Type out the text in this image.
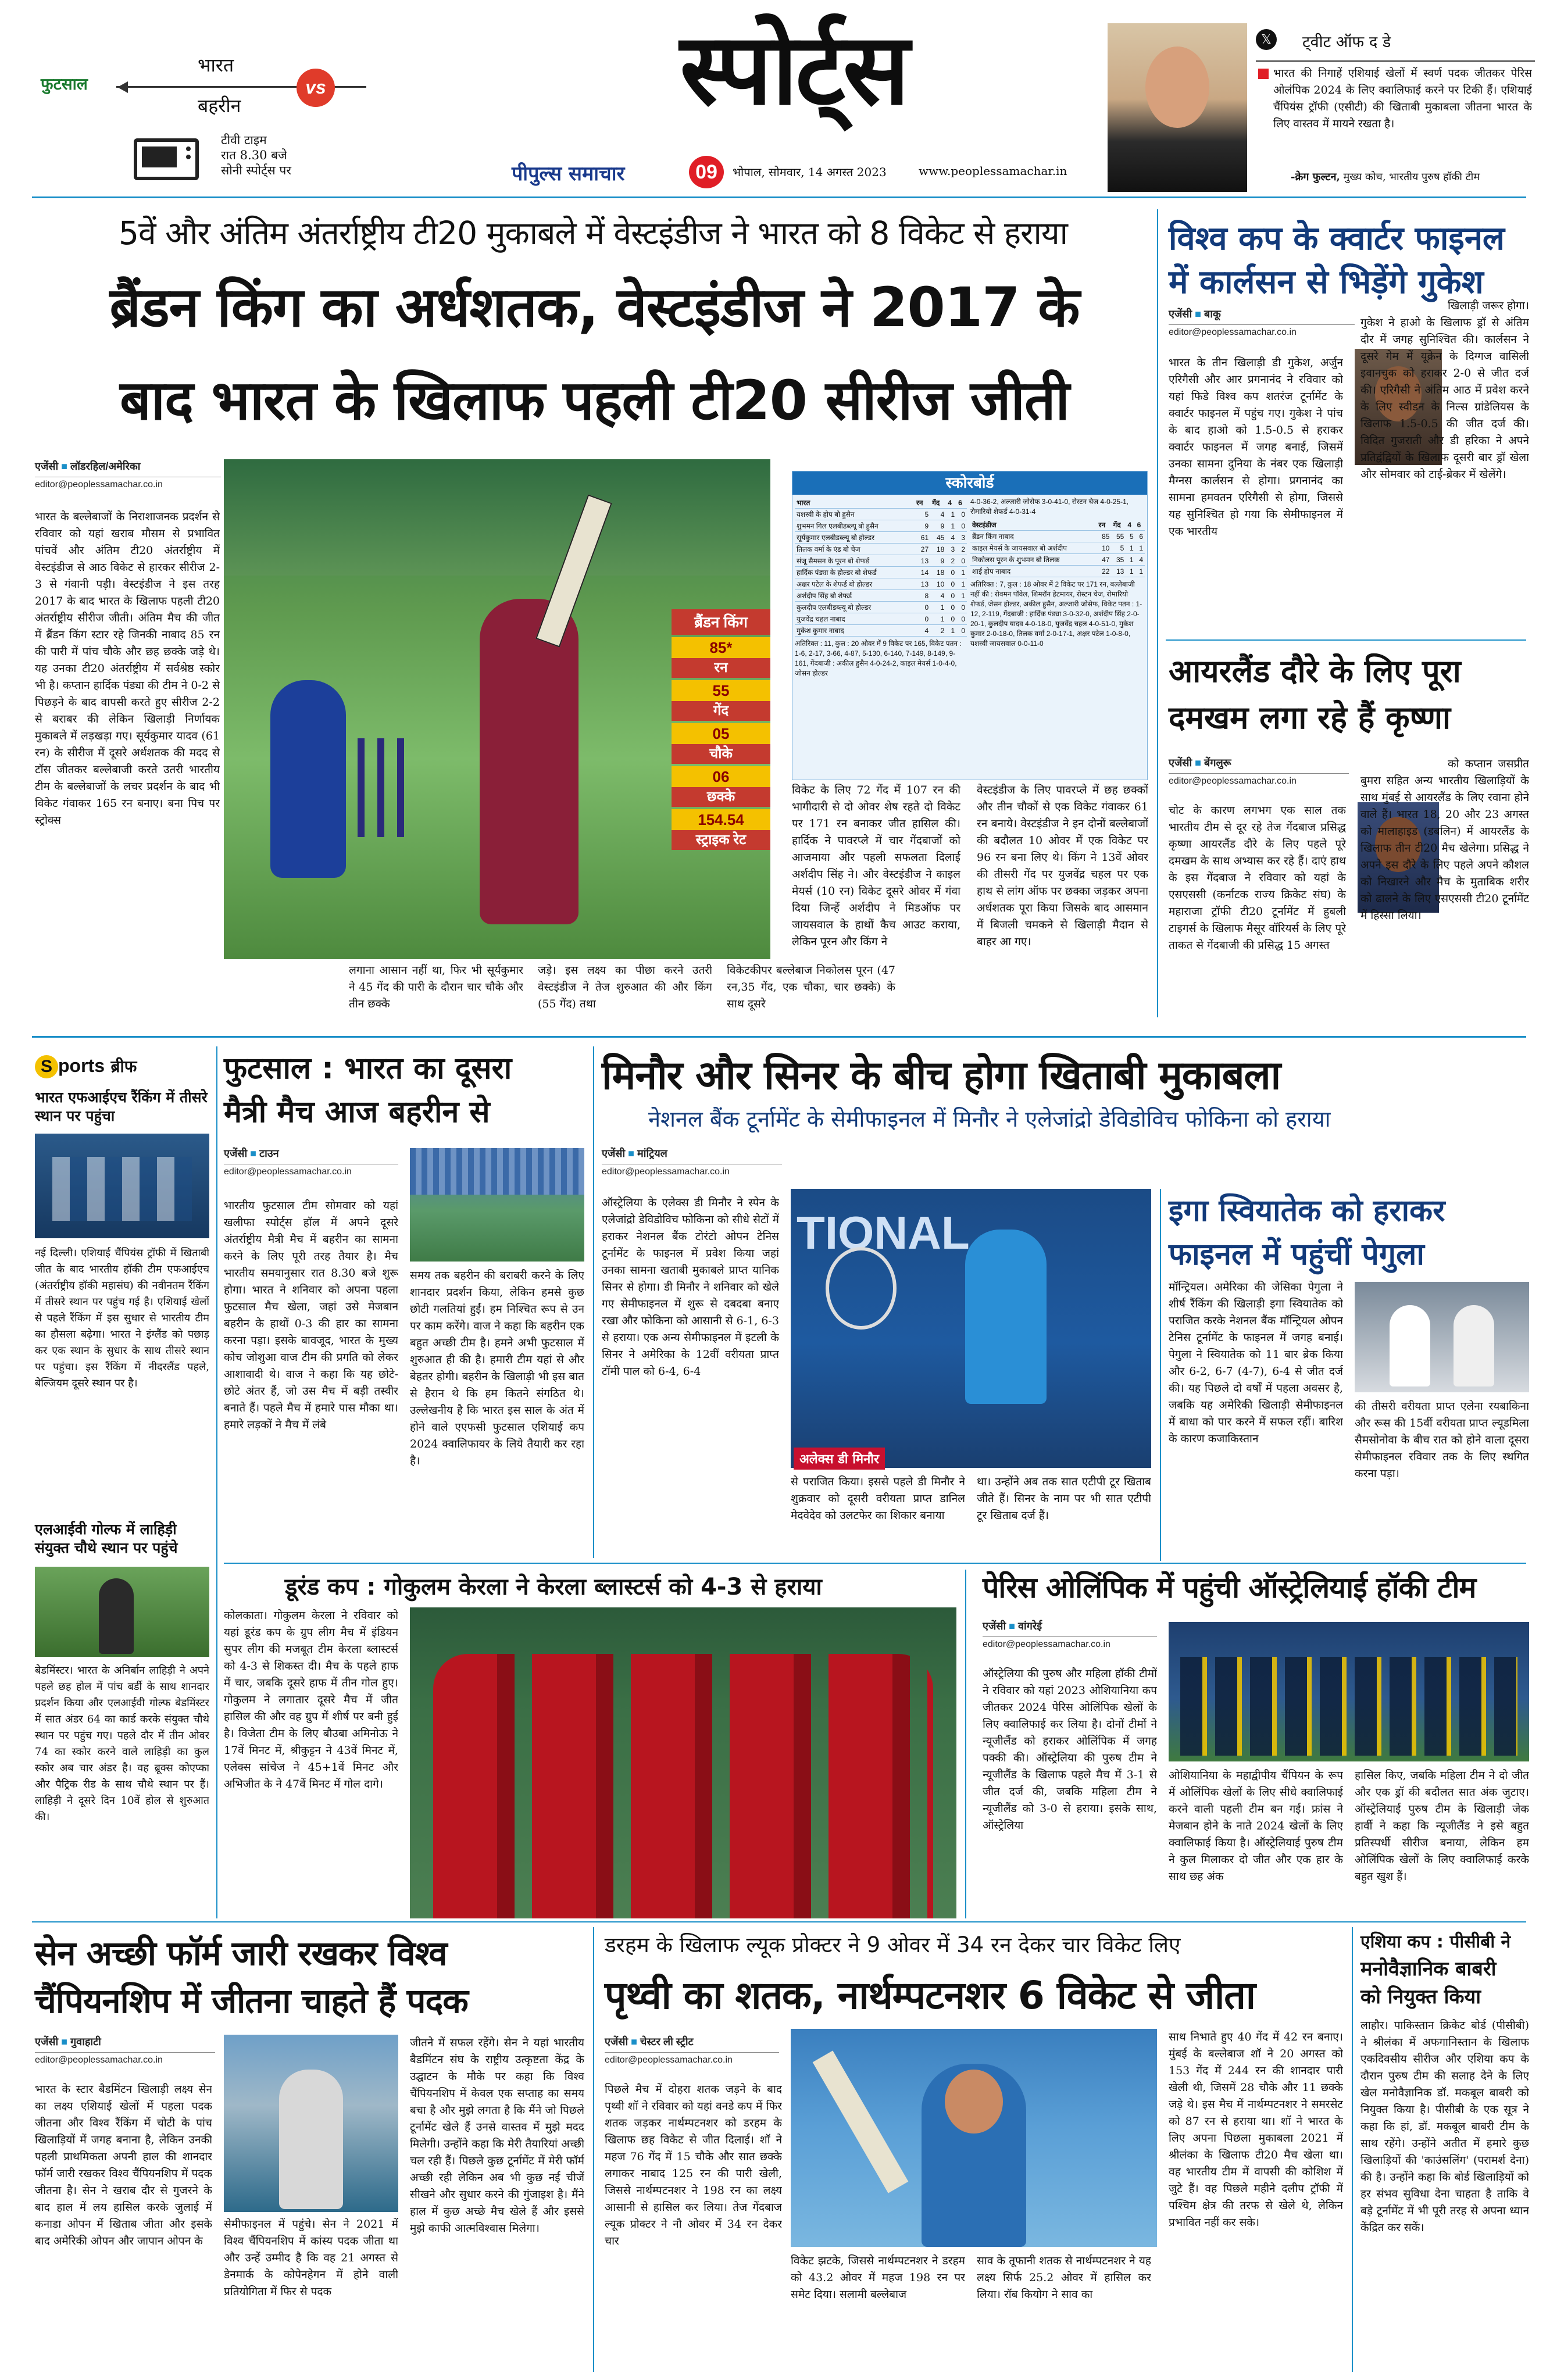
फुटसाल
भारत
बहरीन
vs
टीवी टाइम
रात 8.30 बजे
सोनी स्पोर्ट्स पर
स्पोर्ट्स
पीपुल्स समाचार	09	भोपाल, सोमवार, 14 अगस्त 2023	www.peoplessamachar.in
𝕏	ट्वीट ऑफ द डे
भारत की निगाहें एशियाई खेलों में स्वर्ण पदक जीतकर पेरिस ओलंपिक 2024 के लिए क्वालिफाई करने पर टिकी हैं। एशियाई चैंपियंस ट्रॉफी (एसीटी) की खिताबी मुकाबला जीतना भारत के लिए वास्तव में मायने रखता है।
-क्रेग फुल्टन, मुख्य कोच, भारतीय पुरुष हॉकी टीम
5वें और अंतिम अंतर्राष्ट्रीय टी20 मुकाबले में वेस्टइंडीज ने भारत को 8 विकेट से हराया
ब्रैंडन किंग का अर्धशतक, वेस्टइंडीज ने 2017 के
बाद भारत के खिलाफ पहली टी20 सीरीज जीती
एजेंसी ■ लॉडरहिल/अमेरिका
editor@peoplessamachar.co.in
भारत के बल्लेबाजों के निराशाजनक प्रदर्शन से रविवार को यहां खराब मौसम से प्रभावित पांचवें और अंतिम टी20 अंतर्राष्ट्रीय में वेस्टइंडीज से आठ विकेट से हारकर सीरीज 2-3 से गंवानी पड़ी। वेस्टइंडीज ने इस तरह 2017 के बाद भारत के खिलाफ पहली टी20 अंतर्राष्ट्रीय सीरीज जीती। अंतिम मैच की जीत में ब्रैंडन किंग स्टार रहे जिनकी नाबाद 85 रन की पारी में पांच चौके और छह छक्के जड़े थे। यह उनका टी20 अंतर्राष्ट्रीय में सर्वश्रेष्ठ स्कोर भी है। कप्तान हार्दिक पंड्या की टीम ने 0-2 से पिछड़ने के बाद वापसी करते हुए सीरीज 2-2 से बराबर की लेकिन खिलाड़ी निर्णायक मुकाबले में लड़खड़ा गए। सूर्यकुमार यादव (61 रन) के सीरीज में दूसरे अर्धशतक की मदद से टॉस जीतकर बल्लेबाजी करते उतरी भारतीय टीम के बल्लेबाजों के लचर प्रदर्शन के बाद भी विकेट गंवाकर 165 रन बनाए। बना पिच पर स्ट्रोक्स
ब्रैंडन किंग
85*
रन
55
गेंद
05
चौके
06
छक्के
154.54
स्ट्राइक रेट
लगाना आसान नहीं था, फिर भी सूर्यकुमार ने 45 गेंद की पारी के दौरान चार चौके और तीन छक्के
जड़े। इस लक्ष्य का पीछा करने उतरी वेस्टइंडीज ने तेज शुरुआत की और किंग (55 गेंद) तथा
विकेटकीपर बल्लेबाज निकोलस पूरन (47 रन,35 गेंद, एक चौका, चार छक्के) के साथ दूसरे
स्कोरबोर्ड
भारत	रन	गेंद	4	6
यशस्वी के होप बो हुसैन	5	4	1	0
शुभमन गिल एलबीडब्ल्यू बो हुसैन	9	9	1	0
सूर्यकुमार एलबीडब्ल्यू बो होल्डर	61	45	4	3
तिलक वर्मा के एंड बो चेज	27	18	3	2
संजू सैमसन के पूरन बो शेफर्ड	13	9	2	0
हार्दिक पंड्या के होल्डर बो शेफर्ड	14	18	0	1
अक्षर पटेल के शेफर्ड बो होल्डर	13	10	0	1
अर्शदीप सिंह बो शेफर्ड	8	4	0	1
कुलदीप एलबीडब्ल्यू बो होल्डर	0	1	0	0
युजवेंद्र चहल नाबाद	0	1	0	0
मुकेश कुमार नाबाद	4	2	1	0
अतिरिक्त : 11, कुल : 20 ओवर में 9 विकेट पर 165, विकेट पतन : 1-6, 2-17, 3-66, 4-87, 5-130, 6-140, 7-149, 8-149, 9-161, गेंदबाजी : अकील हुसैन 4-0-24-2, काइल मेयर्स 1-0-4-0, जोसन होल्डर
4-0-36-2, अल्जारी जोसेफ 3-0-41-0, रोस्टन चेज 4-0-25-1, रोमारियो शेफर्ड 4-0-31-4
वेस्टइंडीज	रन	गेंद	4	6
ब्रैंडन किंग नाबाद	85	55	5	6
काइल मेयर्स के जायसवाल बो अर्शदीप	10	5	1	1
निकोलस पूरन के शुभमन बो तिलक	47	35	1	4
शाई होप नाबाद	22	13	1	1
अतिरिक्त : 7, कुल : 18 ओवर में 2 विकेट पर 171 रन, बल्लेबाजी नहीं की : रोवमन पॉवेल, शिमरॉन हेटमायर, रोस्टन चेज, रोमारियो शेफर्ड, जेसन होल्डर, अकील हुसैन, अल्जारी जोसेफ, विकेट पतन : 1-12, 2-119, गेंदबाजी : हार्दिक पंड्या 3-0-32-0, अर्शदीप सिंह 2-0-20-1, कुलदीप यादव 4-0-18-0, युजवेंद्र चहल 4-0-51-0, मुकेश कुमार 2-0-18-0, तिलक वर्मा 2-0-17-1, अक्षर पटेल 1-0-8-0, यशस्वी जायसवाल 0-0-11-0
विकेट के लिए 72 गेंद में 107 रन की भागीदारी से दो ओवर शेष रहते दो विकेट पर 171 रन बनाकर जीत हासिल की। हार्दिक ने पावरप्ले में चार गेंदबाजों को आजमाया और पहली सफलता दिलाई अर्शदीप सिंह ने। और वेस्टइंडीज ने काइल मेयर्स (10 रन) विकेट दूसरे ओवर में गंवा दिया जिन्हें अर्शदीप ने मिडऑफ पर जायसवाल के हाथों कैच आउट कराया, लेकिन पूरन और किंग ने
वेस्टइंडीज के लिए पावरप्ले में छह छक्कों और तीन चौकों से एक विकेट गंवाकर 61 रन बनाये। वेस्टइंडीज ने इन दोनों बल्लेबाजों की बदौलत 10 ओवर में एक विकेट पर 96 रन बना लिए थे। किंग ने 13वें ओवर की तीसरी गेंद पर युजवेंद्र चहल पर एक हाथ से लांग ऑफ पर छक्का जड़कर अपना अर्धशतक पूरा किया जिसके बाद आसमान में बिजली चमकने से खिलाड़ी मैदान से बाहर आ गए।
विश्व कप के क्वार्टर फाइनल
में कार्लसन से भिड़ेंगे गुकेश
एजेंसी ■ बाकू
editor@peoplessamachar.co.in
भारत के तीन खिलाड़ी डी गुकेश, अर्जुन एरिगैसी और आर प्रगनानंद ने रविवार को यहां फिडे विश्व कप शतरंज टूर्नामेंट के क्वार्टर फाइनल में पहुंच गए। गुकेश ने पांच के बाद हाओ को 1.5-0.5 से हराकर क्वार्टर फाइनल में जगह बनाई, जिसमें उनका सामना दुनिया के नंबर एक खिलाड़ी मैग्नस कार्लसन से होगा। प्रगनानंद का सामना हमवतन एरिगैसी से होगा, जिससे यह सुनिश्चित हो गया कि सेमीफाइनल में एक भारतीय
खिलाड़ी जरूर होगा। गुकेश ने हाओ के खिलाफ ड्रॉ से अंतिम दौर में जगह सुनिश्चित की। कार्लसन ने दूसरे गेम में यूक्रेन के दिग्गज वासिली इवानचुक को हराकर 2-0 से जीत दर्ज की। एरिगैसी ने अंतिम आठ में प्रवेश करने के लिए स्वीडन के निल्स ग्रांडेलियस के खिलाफ 1.5-0.5 की जीत दर्ज की। विदित गुजराती और डी हरिका ने अपने प्रतिद्वंद्वियों के खिलाफ दूसरी बार ड्रॉ खेला और सोमवार को टाई-ब्रेकर में खेलेंगे।
आयरलैंड दौरे के लिए पूरा
दमखम लगा रहे हैं कृष्णा
एजेंसी ■ बेंगलुरू
editor@peoplessamachar.co.in
चोट के कारण लगभग एक साल तक भारतीय टीम से दूर रहे तेज गेंदबाज प्रसिद्ध कृष्णा आयरलैंड दौरे के लिए पहले पूरे दमखम के साथ अभ्यास कर रहे हैं। दाएं हाथ के इस गेंदबाज ने रविवार को यहां के एसएससी (कर्नाटक राज्य क्रिकेट संघ) के महाराजा ट्रॉफी टी20 टूर्नामेंट में हुबली टाइगर्स के खिलाफ मैसूर वॉरियर्स के लिए पूरे ताकत से गेंदबाजी की प्रसिद्ध 15 अगस्त
को कप्तान जसप्रीत बुमरा सहित अन्य भारतीय खिलाड़ियों के साथ मुंबई से आयरलैंड के लिए रवाना होने वाले हैं। भारत 18, 20 और 23 अगस्त को मालाहाइड (डबलिन) में आयरलैंड के खिलाफ तीन टी20 मैच खेलेगा। प्रसिद्ध ने अपने इस दौरे के लिए पहले अपने कौशल को निखारने और मैच के मुताबिक शरीर को ढालने के लिए एसएससी टी20 टूर्नामेंट में हिस्सा लिया।
S ports ब्रीफ
भारत एफआईएच रैंकिंग में तीसरे स्थान पर पहुंचा
नई दिल्ली। एशियाई चैंपियंस ट्रॉफी में खिताबी जीत के बाद भारतीय हॉकी टीम एफआईएच (अंतर्राष्ट्रीय हॉकी महासंघ) की नवीनतम रैंकिंग में तीसरे स्थान पर पहुंच गई है। एशियाई खेलों से पहले रैंकिंग में इस सुधार से भारतीय टीम का हौसला बढ़ेगा। भारत ने इंग्लैंड को पछाड़ कर एक स्थान के सुधार के साथ तीसरे स्थान पर पहुंचा। इस रैंकिंग में नीदरलैंड पहले, बेल्जियम दूसरे स्थान पर है।
एलआईवी गोल्फ में लाहिड़ी संयुक्त चौथे स्थान पर पहुंचे
बेडमिंस्टर। भारत के अनिर्बान लाहिड़ी ने अपने पहले छह होल में पांच बर्डी के साथ शानदार प्रदर्शन किया और एलआईवी गोल्फ बेडमिंस्टर में सात अंडर 64 का कार्ड करके संयुक्त चौथे स्थान पर पहुंच गए। पहले दौर में तीन ओवर 74 का स्कोर करने वाले लाहिड़ी का कुल स्कोर अब चार अंडर है। वह ब्रूक्स कोएप्का और पैट्रिक रीड के साथ चौथे स्थान पर हैं। लाहिड़ी ने दूसरे दिन 10वें होल से शुरुआत की।
फुटसाल : भारत का दूसरा
मैत्री मैच आज बहरीन से
एजेंसी ■ टाउन
editor@peoplessamachar.co.in
भारतीय फुटसाल टीम सोमवार को यहां खलीफा स्पोर्ट्स हॉल में अपने दूसरे अंतर्राष्ट्रीय मैत्री मैच में बहरीन का सामना करने के लिए पूरी तरह तैयार है। मैच भारतीय समयानुसार रात 8.30 बजे शुरू होगा। भारत ने शनिवार को अपना पहला फुटसाल मैच खेला, जहां उसे मेजबान बहरीन के हाथों 0-3 की हार का सामना करना पड़ा। इसके बावजूद, भारत के मुख्य कोच जोशुआ वाज टीम की प्रगति को लेकर आशावादी थे। वाज ने कहा कि यह छोटे-छोटे अंतर हैं, जो उस मैच में बड़ी तस्वीर बनाते हैं। पहले मैच में हमारे पास मौका था। हमारे लड़कों ने मैच में लंबे
समय तक बहरीन की बराबरी करने के लिए शानदार प्रदर्शन किया, लेकिन हमसे कुछ छोटी गलतियां हुईं। हम निश्चित रूप से उन पर काम करेंगे। वाज ने कहा कि बहरीन एक बहुत अच्छी टीम है। हमने अभी फुटसाल में शुरुआत ही की है। हमारी टीम यहां से और बेहतर होगी। बहरीन के खिलाड़ी भी इस बात से हैरान थे कि हम कितने संगठित थे। उल्लेखनीय है कि भारत इस साल के अंत में होने वाले एएफसी फुटसाल एशियाई कप 2024 क्वालिफायर के लिये तैयारी कर रहा है।
मिनौर और सिनर के बीच होगा खिताबी मुकाबला
नेशनल बैंक टूर्नामेंट के सेमीफाइनल में मिनौर ने एलेजांद्रो डेविडोविच फोकिना को हराया
एजेंसी ■ मांट्रियल
editor@peoplessamachar.co.in
ऑस्ट्रेलिया के एलेक्स डी मिनौर ने स्पेन के एलेजांद्रो डेविडोविच फोकिना को सीधे सेटों में हराकर नेशनल बैंक टोरंटो ओपन टेनिस टूर्नामेंट के फाइनल में प्रवेश किया जहां उनका सामना खताबी मुकाबले प्राप्त यानिक सिनर से होगा। डी मिनौर ने शनिवार को खेले गए सेमीफाइनल में शुरू से दबदबा बनाए रखा और फोकिना को आसानी से 6-1, 6-3 से हराया। एक अन्य सेमीफाइनल में इटली के सिनर ने अमेरिका के 12वीं वरीयता प्राप्त टॉमी पाल को 6-4, 6-4
TIONAL
अलेक्स डी मिनौर
से पराजित किया। इससे पहले डी मिनौर ने शुक्रवार को दूसरी वरीयता प्राप्त डानिल मेदवेदेव को उलटफेर का शिकार बनाया
था। उन्होंने अब तक सात एटीपी टूर खिताब जीते हैं। सिनर के नाम पर भी सात एटीपी टूर खिताब दर्ज हैं।
इगा स्वियातेक को हराकर
फाइनल में पहुंचीं पेगुला
मॉन्ट्रियल। अमेरिका की जेसिका पेगुला ने शीर्ष रैंकिंग की खिलाड़ी इगा स्वियातेक को पराजित करके नेशनल बैंक मॉन्ट्रियल ओपन टेनिस टूर्नामेंट के फाइनल में जगह बनाई। पेगुला ने स्वियातेक को 11 बार ब्रेक किया और 6-2, 6-7 (4-7), 6-4 से जीत दर्ज की। यह पिछले दो वर्षों में पहला अवसर है, जबकि यह अमेरिकी खिलाड़ी सेमीफाइनल में बाधा को पार करने में सफल रहीं। बारिश के कारण कजाकिस्तान
की तीसरी वरीयता प्राप्त एलेना रयबाकिना और रूस की 15वीं वरीयता प्राप्त ल्यूडमिला सैमसोनोवा के बीच रात को होने वाला दूसरा सेमीफाइनल रविवार तक के लिए स्थगित करना पड़ा।
डूरंड कप : गोकुलम केरला ने केरला ब्लास्टर्स को 4-3 से हराया
कोलकाता। गोकुलम केरला ने रविवार को यहां डूरंड कप के ग्रुप लीग मैच में इंडियन सुपर लीग की मजबूत टीम केरला ब्लास्टर्स को 4-3 से शिकस्त दी। मैच के पहले हाफ में चार, जबकि दूसरे हाफ में तीन गोल हुए। गोकुलम ने लगातार दूसरे मैच में जीत हासिल की और वह ग्रुप में शीर्ष पर बनी हुई है। विजेता टीम के लिए बौउबा अमिनोऊ ने 17वें मिनट में, श्रीकुट्टन ने 43वें मिनट में, एलेक्स सांचेज ने 45+1वें मिनट और अभिजीत के ने 47वें मिनट में गोल दागे।
पेरिस ओलिंपिक में पहुंची ऑस्ट्रेलियाई हॉकी टीम
एजेंसी ■ वांगरेई
editor@peoplessamachar.co.in
ऑस्ट्रेलिया की पुरुष और महिला हॉकी टीमों ने रविवार को यहां 2023 ओशियानिया कप जीतकर 2024 पेरिस ओलिंपिक खेलों के लिए क्वालिफाई कर लिया है। दोनों टीमों ने न्यूजीलैंड को हराकर ओलिंपिक में जगह पक्की की। ऑस्ट्रेलिया की पुरुष टीम ने न्यूजीलैंड के खिलाफ पहले मैच में 3-1 से जीत दर्ज की, जबकि महिला टीम ने न्यूजीलैंड को 3-0 से हराया। इसके साथ, ऑस्ट्रेलिया
ओशियानिया के महाद्वीपीय चैंपियन के रूप में ओलिंपिक खेलों के लिए सीधे क्वालिफाई करने वाली पहली टीम बन गई। फ्रांस ने मेजबान होने के नाते 2024 खेलों के लिए क्वालिफाई किया है। ऑस्ट्रेलियाई पुरुष टीम ने कुल मिलाकर दो जीत और एक हार के साथ छह अंक
हासिल किए, जबकि महिला टीम ने दो जीत और एक ड्रॉ की बदौलत सात अंक जुटाए। ऑस्ट्रेलियाई पुरुष टीम के खिलाड़ी जेक हार्वी ने कहा कि न्यूजीलैंड ने इसे बहुत प्रतिस्पर्धी सीरीज बनाया, लेकिन हम ओलिंपिक खेलों के लिए क्वालिफाई करके बहुत खुश हैं।
सेन अच्छी फॉर्म जारी रखकर विश्व
चैंपियनशिप में जीतना चाहते हैं पदक
एजेंसी ■ गुवाहाटी
editor@peoplessamachar.co.in
भारत के स्टार बैडमिंटन खिलाड़ी लक्ष्य सेन का लक्ष्य एशियाई खेलों में पहला पदक जीतना और विश्व रैंकिंग में चोटी के पांच खिलाड़ियों में जगह बनाना है, लेकिन उनकी पहली प्राथमिकता अपनी हाल की शानदार फॉर्म जारी रखकर विश्व चैंपियनशिप में पदक जीतना है। सेन ने खराब दौर से गुजरने के बाद हाल में लय हासिल करके जुलाई में कनाडा ओपन में खिताब जीता और इसके बाद अमेरिकी ओपन और जापान ओपन के
सेमीफाइनल में पहुंचे। सेन ने 2021 में विश्व चैंपियनशिप में कांस्य पदक जीता था और उन्हें उम्मीद है कि वह 21 अगस्त से डेनमार्क के कोपेनहेगन में होने वाली प्रतियोगिता में फिर से पदक
जीतने में सफल रहेंगे। सेन ने यहां भारतीय बैडमिंटन संघ के राष्ट्रीय उत्कृष्टता केंद्र के उद्घाटन के मौके पर कहा कि विश्व चैंपियनशिप में केवल एक सप्ताह का समय बचा है और मुझे लगता है कि मैंने जो पिछले टूर्नामेंट खेले हैं उनसे वास्तव में मुझे मदद मिलेगी। उन्होंने कहा कि मेरी तैयारियां अच्छी चल रही हैं। पिछले कुछ टूर्नामेंट में मेरी फॉर्म अच्छी रही लेकिन अब भी कुछ नई चीजें सीखने और सुधार करने की गुंजाइश है। मैंने हाल में कुछ अच्छे मैच खेले हैं और इससे मुझे काफी आत्मविश्वास मिलेगा।
डरहम के खिलाफ ल्यूक प्रोक्टर ने 9 ओवर में 34 रन देकर चार विकेट लिए
पृथ्वी का शतक, नार्थम्पटनशर 6 विकेट से जीता
एजेंसी ■ चेस्टर ली स्ट्रीट
editor@peoplessamachar.co.in
पिछले मैच में दोहरा शतक जड़ने के बाद पृथ्वी शॉ ने रविवार को यहां वनडे कप में फिर शतक जड़कर नार्थम्पटनशर को डरहम के खिलाफ छह विकेट से जीत दिलाई। शॉ ने महज 76 गेंद में 15 चौके और सात छक्के लगाकर नाबाद 125 रन की पारी खेली, जिससे नार्थम्पटनशर ने 198 रन का लक्ष्य आसानी से हासिल कर लिया। तेज गेंदबाज ल्यूक प्रोक्टर ने नौ ओवर में 34 रन देकर चार
विकेट झटके, जिससे नार्थम्पटनशर ने डरहम को 43.2 ओवर में महज 198 रन पर समेट दिया। सलामी बल्लेबाज
साव के तूफानी शतक से नार्थम्पटनशर ने यह लक्ष्य सिर्फ 25.2 ओवर में हासिल कर लिया। रॉब कियोग ने साव का
साथ निभाते हुए 40 गेंद में 42 रन बनाए। मुंबई के बल्लेबाज शॉ ने 20 अगस्त को 153 गेंद में 244 रन की शानदार पारी खेली थी, जिसमें 28 चौके और 11 छक्के जड़े थे। इस मैच में नार्थम्पटनशर ने समरसेट को 87 रन से हराया था। शॉ ने भारत के लिए अपना पिछला मुकाबला 2021 में श्रीलंका के खिलाफ टी20 मैच खेला था। वह भारतीय टीम में वापसी की कोशिश में जुटे हैं। वह पिछले महीने दलीप ट्रॉफी में पश्चिम क्षेत्र की तरफ से खेले थे, लेकिन प्रभावित नहीं कर सके।
एशिया कप : पीसीबी ने
मनोवैज्ञानिक बाबरी
को नियुक्त किया
लाहौर। पाकिस्तान क्रिकेट बोर्ड (पीसीबी) ने श्रीलंका में अफगानिस्तान के खिलाफ एकदिवसीय सीरीज और एशिया कप के दौरान पुरुष टीम की सलाह देने के लिए खेल मनोवैज्ञानिक डॉ. मकबूल बाबरी को नियुक्त किया है। पीसीबी के एक सूत्र ने कहा कि हां, डॉ. मकबूल बाबरी टीम के साथ रहेंगे। उन्होंने अतीत में हमारे कुछ खिलाड़ियों की 'काउंसलिंग' (परामर्श देना) की है। उन्होंने कहा कि बोर्ड खिलाड़ियों को हर संभव सुविधा देना चाहता है ताकि वे बड़े टूर्नामेंट में भी पूरी तरह से अपना ध्यान केंद्रित कर सकें।
